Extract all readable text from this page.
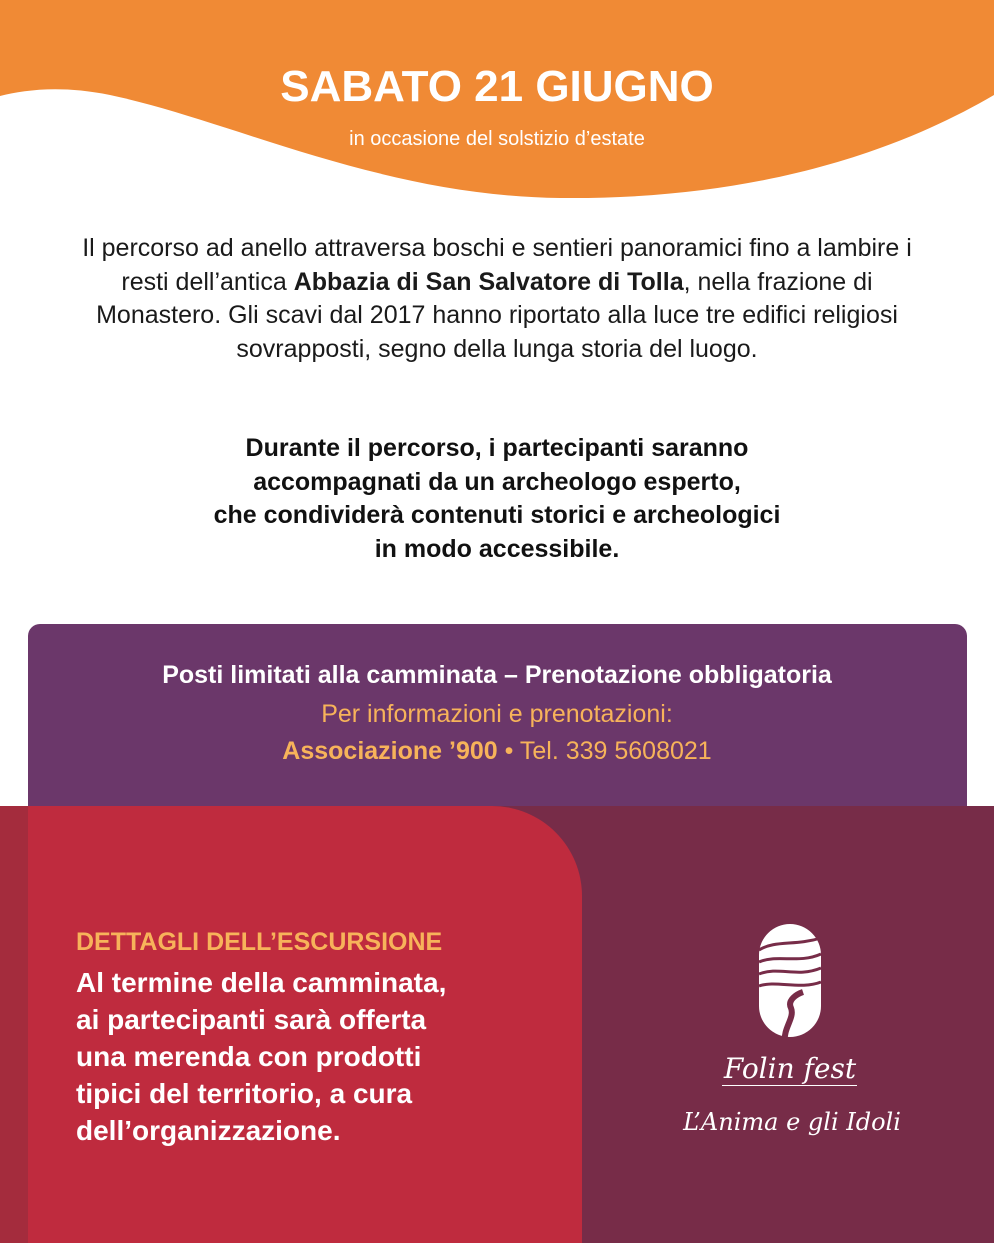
SABATO 21 GIUGNO

in occasione del solstizio d’estate

Il percorso ad anello attraversa boschi e sentieri panoramici fino a lambire i resti dell’antica Abbazia di San Salvatore di Tolla, nella frazione di Monastero. Gli scavi dal 2017 hanno riportato alla luce tre edifici religiosi sovrapposti, segno della lunga storia del luogo.

Durante il percorso, i partecipanti saranno
accompagnati da un archeologo esperto,
che condividerà contenuti storici e archeologici
in modo accessibile.

Posti limitati alla camminata – Prenotazione obbligatoria

Per informazioni e prenotazioni:

Associazione ’900 • Tel. 339 5608021

DETTAGLI DELL’ESCURSIONE

Al termine della camminata,
ai partecipanti sarà offerta
una merenda con prodotti
tipici del territorio, a cura
dell’organizzazione.

Folin fest

L’Anima e gli Idoli
